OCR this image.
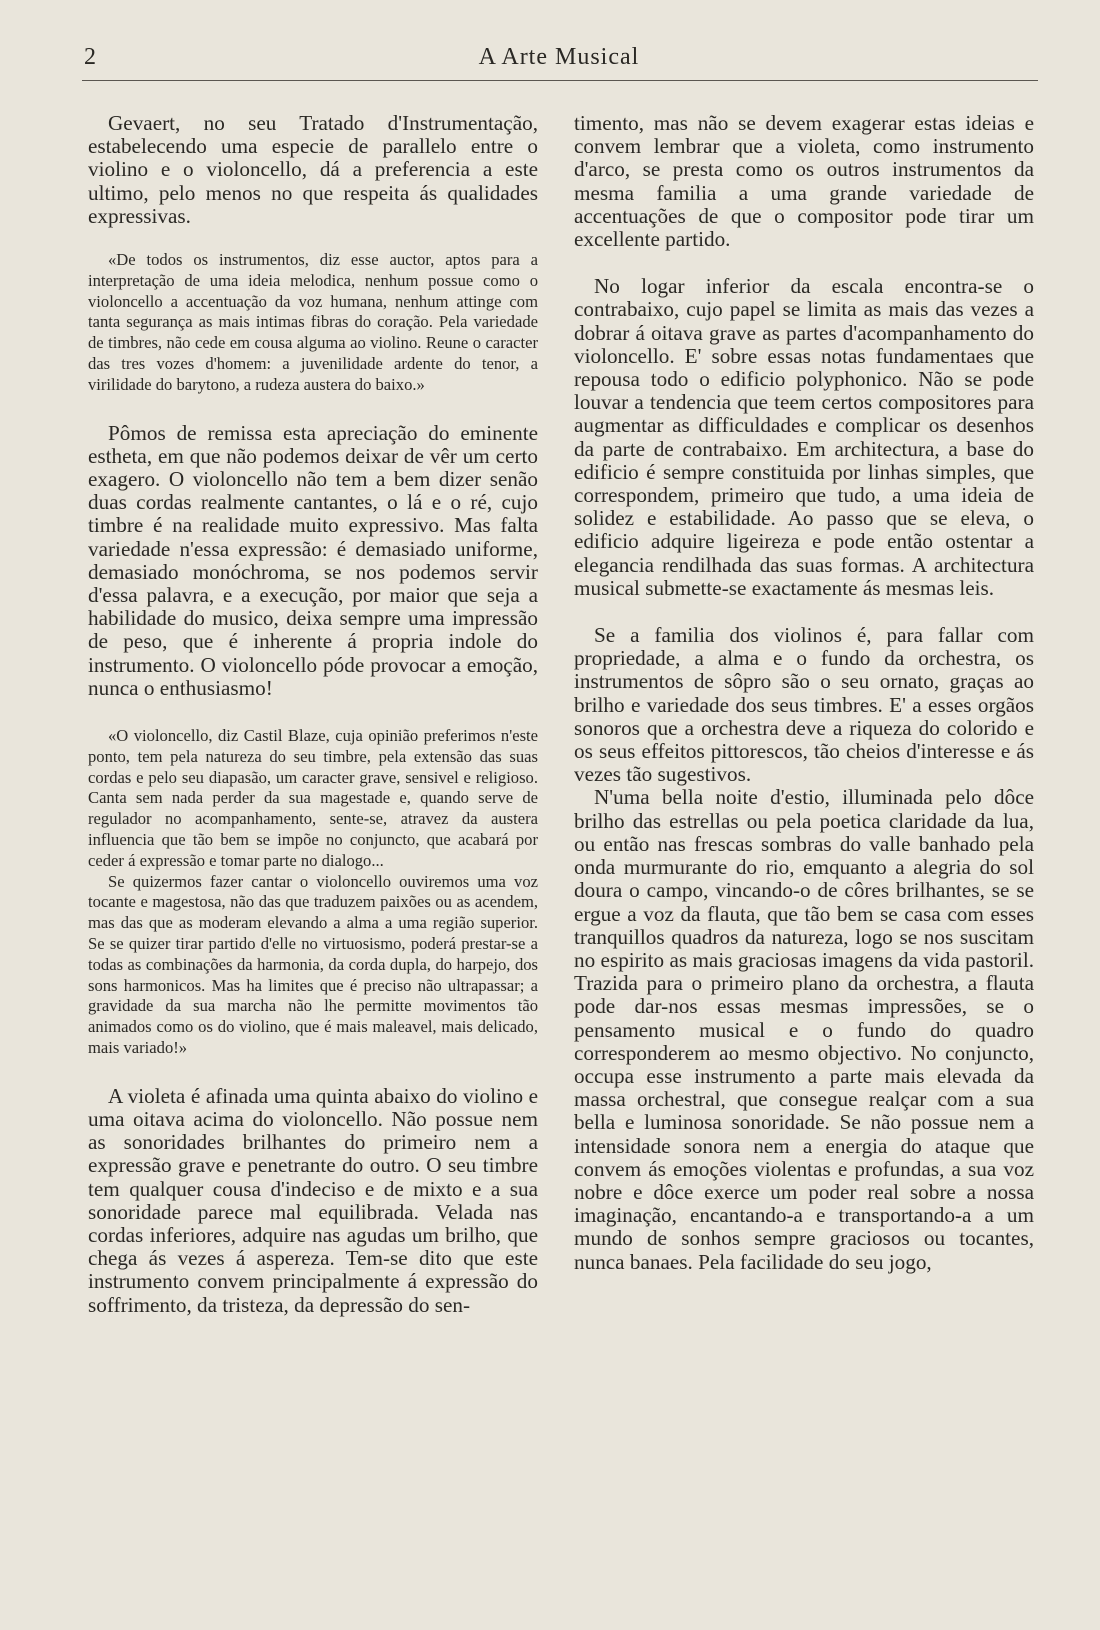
2	A Arte Musical

Gevaert, no seu Tratado d'Instrumentação, estabelecendo uma especie de parallelo entre o violino e o violoncello, dá a preferencia a este ultimo, pelo menos no que respeita ás qualidades expressivas.

«De todos os instrumentos, diz esse auctor, aptos para a interpretação de uma ideia melodica, nenhum possue como o violoncello a accentuação da voz humana, nenhum attinge com tanta segurança as mais intimas fibras do coração. Pela variedade de timbres, não cede em cousa alguma ao violino. Reune o caracter das tres vozes d'homem: a juvenilidade ardente do tenor, a virilidade do barytono, a rudeza austera do baixo.»

Pômos de remissa esta apreciação do eminente estheta, em que não podemos deixar de vêr um certo exagero. O violoncello não tem a bem dizer senão duas cordas realmente cantantes, o lá e o ré, cujo timbre é na realidade muito expressivo. Mas falta variedade n'essa expressão: é demasiado uniforme, demasiado monóchroma, se nos podemos servir d'essa palavra, e a execução, por maior que seja a habilidade do musico, deixa sempre uma impressão de peso, que é inherente á propria indole do instrumento. O violoncello póde provocar a emoção, nunca o enthusiasmo!

«O violoncello, diz Castil Blaze, cuja opinião preferimos n'este ponto, tem pela natureza do seu timbre, pela extensão das suas cordas e pelo seu diapasão, um caracter grave, sensivel e religioso. Canta sem nada perder da sua magestade e, quando serve de regulador no acompanhamento, sente-se, atravez da austera influencia que tão bem se impõe no conjuncto, que acabará por ceder á expressão e tomar parte no dialogo...

Se quizermos fazer cantar o violoncello ouviremos uma voz tocante e magestosa, não das que traduzem paixões ou as acendem, mas das que as moderam elevando a alma a uma região superior. Se se quizer tirar partido d'elle no virtuosismo, poderá prestar-se a todas as combinações da harmonia, da corda dupla, do harpejo, dos sons harmonicos. Mas ha limites que é preciso não ultrapassar; a gravidade da sua marcha não lhe permitte movimentos tão animados como os do violino, que é mais maleavel, mais delicado, mais variado!»

A violeta é afinada uma quinta abaixo do violino e uma oitava acima do violoncello. Não possue nem as sonoridades brilhantes do primeiro nem a expressão grave e penetrante do outro. O seu timbre tem qualquer cousa d'indeciso e de mixto e a sua sonoridade parece mal equilibrada. Velada nas cordas inferiores, adquire nas agudas um brilho, que chega ás vezes á aspereza. Tem-se dito que este instrumento convem principalmente á expressão do soffrimento, da tristeza, da depressão do sen-

timento, mas não se devem exagerar estas ideias e convem lembrar que a violeta, como instrumento d'arco, se presta como os outros instrumentos da mesma familia a uma grande variedade de accentuações de que o compositor pode tirar um excellente partido.

No logar inferior da escala encontra-se o contrabaixo, cujo papel se limita as mais das vezes a dobrar á oitava grave as partes d'acompanhamento do violoncello. E' sobre essas notas fundamentaes que repousa todo o edificio polyphonico. Não se pode louvar a tendencia que teem certos compositores para augmentar as difficuldades e complicar os desenhos da parte de contrabaixo. Em architectura, a base do edificio é sempre constituida por linhas simples, que correspondem, primeiro que tudo, a uma ideia de solidez e estabilidade. Ao passo que se eleva, o edificio adquire ligeireza e pode então ostentar a elegancia rendilhada das suas formas. A architectura musical submette-se exactamente ás mesmas leis.

Se a familia dos violinos é, para fallar com propriedade, a alma e o fundo da orchestra, os instrumentos de sôpro são o seu ornato, graças ao brilho e variedade dos seus timbres. E' a esses orgãos sonoros que a orchestra deve a riqueza do colorido e os seus effeitos pittorescos, tão cheios d'interesse e ás vezes tão sugestivos.

N'uma bella noite d'estio, illuminada pelo dôce brilho das estrellas ou pela poetica claridade da lua, ou então nas frescas sombras do valle banhado pela onda murmurante do rio, emquanto a alegria do sol doura o campo, vincando-o de côres brilhantes, se se ergue a voz da flauta, que tão bem se casa com esses tranquillos quadros da natureza, logo se nos suscitam no espirito as mais graciosas imagens da vida pastoril. Trazida para o primeiro plano da orchestra, a flauta pode dar-nos essas mesmas impressões, se o pensamento musical e o fundo do quadro corresponderem ao mesmo objectivo. No conjuncto, occupa esse instrumento a parte mais elevada da massa orchestral, que consegue realçar com a sua bella e luminosa sonoridade. Se não possue nem a intensidade sonora nem a energia do ataque que convem ás emoções violentas e profundas, a sua voz nobre e dôce exerce um poder real sobre a nossa imaginação, encantando-a e transportando-a a um mundo de sonhos sempre graciosos ou tocantes, nunca banaes. Pela facilidade do seu jogo,
